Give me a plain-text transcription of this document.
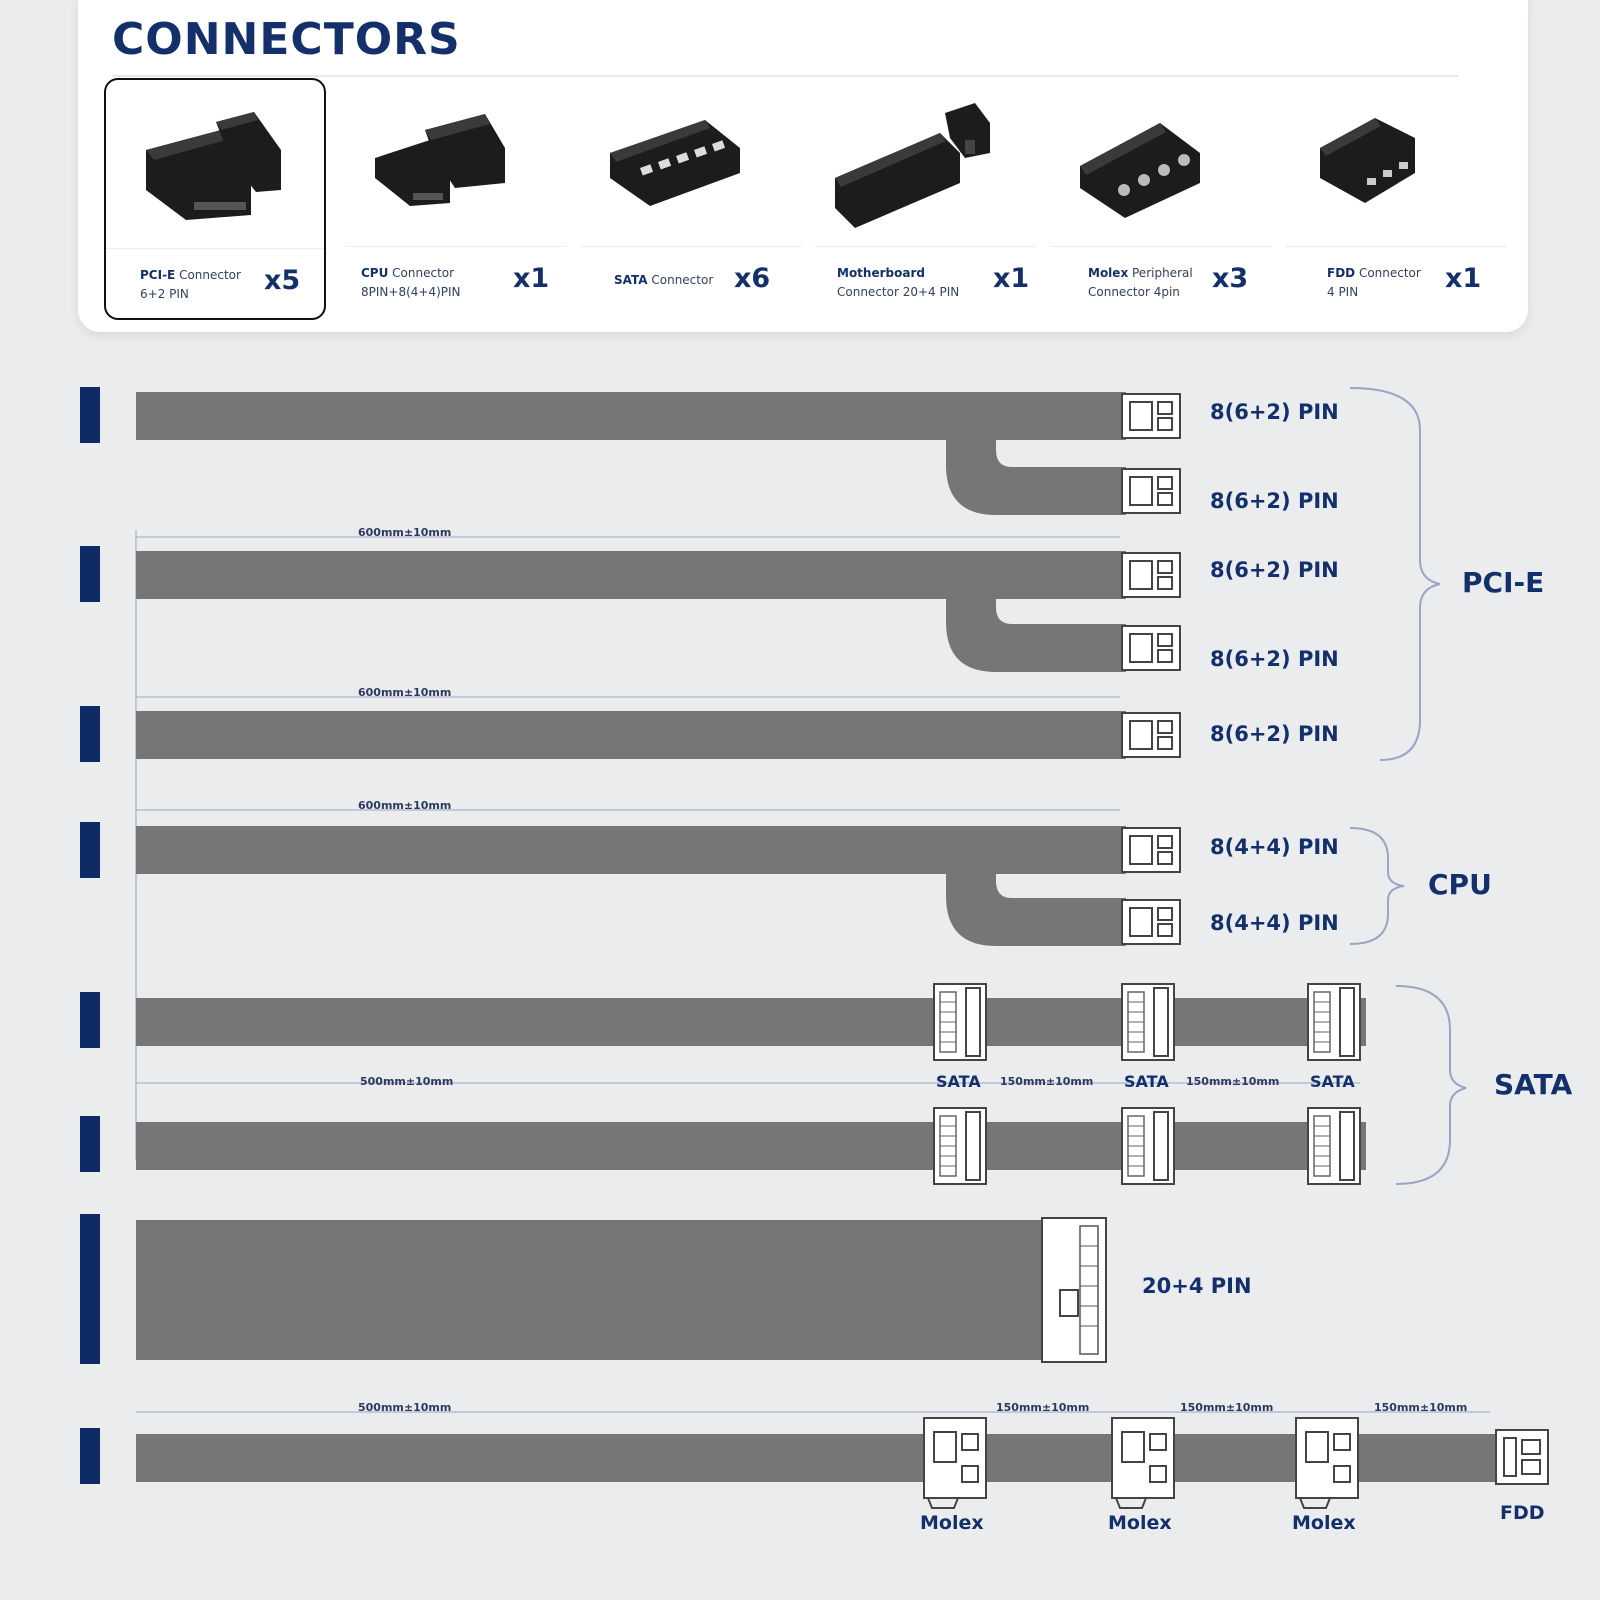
CONNECTORS
PCI-E Connector
6+2 PIN	x5	CPU Connector
8PIN+8(4+4)PIN x1	SATA Connector x6	Motherboard
Connector 20+4 PIN x1	Molex Peripheral
Connector 4pin	x3	FDD Connector
4 PIN	x1
8(6+2) PIN
8(6+2) PIN
8(6+2) PIN
8(6+2) PIN
8(6+2) PIN
PCI-E
600mm±10mm
600mm±10mm
8(4+4) PIN
8(4+4) PIN
CPU
600mm±10mm
SATA	SATA	SATA
500mm±10mm	150mm±10mm	150mm±10mm	SATA
20+4 PIN
500mm±10mm	150mm±10mm	150mm±10mm	150mm±10mm
Molex	Molex	Molex	FDD
